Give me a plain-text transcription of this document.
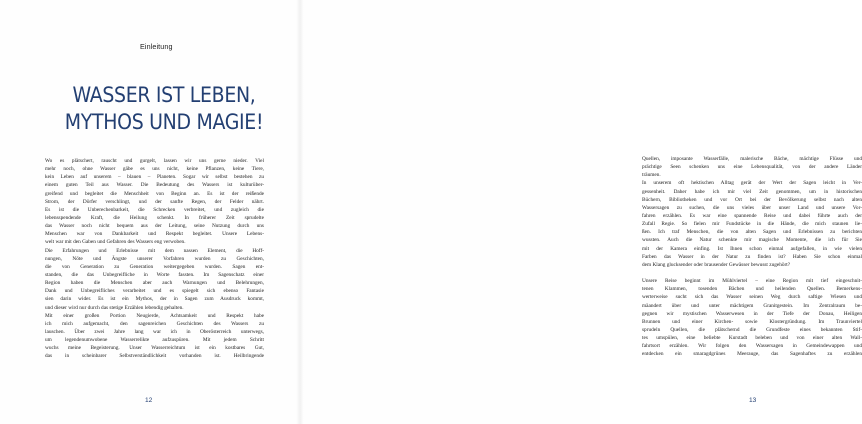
Einleitung
WASSER IST LEBEN,
MYTHOS UND MAGIE!
Wo es plätschert, rauscht und gurgelt, lassen wir uns gerne nieder. Viel
mehr noch, ohne Wasser gäbe es uns nicht, keine Pflanzen, keine Tiere,
kein Leben auf unserem – blauen – Planeten. Sogar wir selbst bestehen zu
einem guten Teil aus Wasser. Die Bedeutung des Wassers ist kulturüber-
greifend und begleitet die Menschheit von Beginn an. Es ist der reißende
Strom, der Dörfer verschlingt, und der sanfte Regen, der Felder nährt.
Es ist die Unberechenbarkeit, die Schrecken verbreitet, und zugleich die
lebensspendende Kraft, die Heilung schenkt. In früherer Zeit sprudelte
das Wasser noch nicht bequem aus der Leitung, seine Nutzung durch uns
Menschen war von Dankbarkeit und Respekt begleitet. Unsere Lebens-
welt war mit den Gaben und Gefahren des Wassers eng verwoben.
Die Erfahrungen und Erlebnisse mit dem nassen Element, die Hoff-
nungen, Nöte und Ängste unserer Vorfahren wurden zu Geschichten,
die von Generation zu Generation weitergegeben wurden. Sagen ent-
standen, die das Unbegreifliche in Worte fassten. Im Sagenschatz einer
Region haben die Menschen aber auch Warnungen und Belehrungen,
Dank und Unbegreifliches verarbeitet und es spiegelt sich ebenso Fantasie
sien darin wider. Es ist ein Mythos, der in Sagen zum Ausdruck kommt,
und dieser wird nur durch das stetige Erzählen lebendig gehalten.
Mit einer großen Portion Neugierde, Achtsamkeit und Respekt habe
ich mich aufgemacht, den sagenreichen Geschichten des Wassers zu
lauschen. Über zwei Jahre lang war ich in Oberösterreich unterwegs,
um legendenumwobene Wasserrelikte aufzuspüren. Mit jedem Schritt
wuchs meine Begeisterung. Unser Wasserreichtum ist ein kostbares Gut,
das in scheinbarer Selbstverständlichkeit vorhanden ist. Heilbringende
12
Quellen, imposante Wasserfälle, malerische Bäche, mächtige Flüsse und
prächtige Seen schenken uns eine Lebensqualität, von der andere Länder
träumen.
In unserem oft hektischen Alltag gerät der Wert der Sagen leicht in Ver-
gessenheit. Daher habe ich mir viel Zeit genommen, um in historischen
Büchern, Bibliotheken und vor Ort bei der Bevölkerung selbst nach alten
Wassersagen zu suchen, die uns vieles über unser Land und unsere Vor-
fahren erzählen. Es war eine spannende Reise und dabei führte auch der
Zufall Regie. So fielen mir Fundstücke in die Hände, die mich staunen lie-
ßen. Ich traf Menschen, die von alten Sagen und Erlebnissen zu berichten
wussten. Auch die Natur schenkte mir magische Momente, die ich für Sie
mit der Kamera einfing. Ist Ihnen schon einmal aufgefallen, in wie vielen
Farben das Wasser in der Natur zu finden ist? Haben Sie schon einmal
dem Klang glucksender oder brausender Gewässer bewusst zugehört?
Unsere Reise beginnt im Mühlviertel – eine Region mit tief eingeschnit-
tenen Klammen, tosenden Bächen und heilenden Quellen. Bemerkens-
werterweise sucht sich das Wasser seinen Weg durch saftige Wiesen und
mäandert über und unter mächtigem Granitgestein. Im Zentralraum be-
gegnen wir mystischen Wasserwesen in der Tiefe der Donau, Heiligen
Brunnen und einer Kirchen- sowie Klostergründung. Im Traunviertel
sprudeln Quellen, die plätschernd die Grundfeste eines bekannten Stif-
tes umspülen, eine beliebte Kurstadt beleben und von einer alten Wall-
fahrtsort erzählen. Wir folgen den Wassersagen in Gemeindewappen und
entdecken ein smaragdgrünes Meeraugе, das Sagenhaftes zu erzählen
13
